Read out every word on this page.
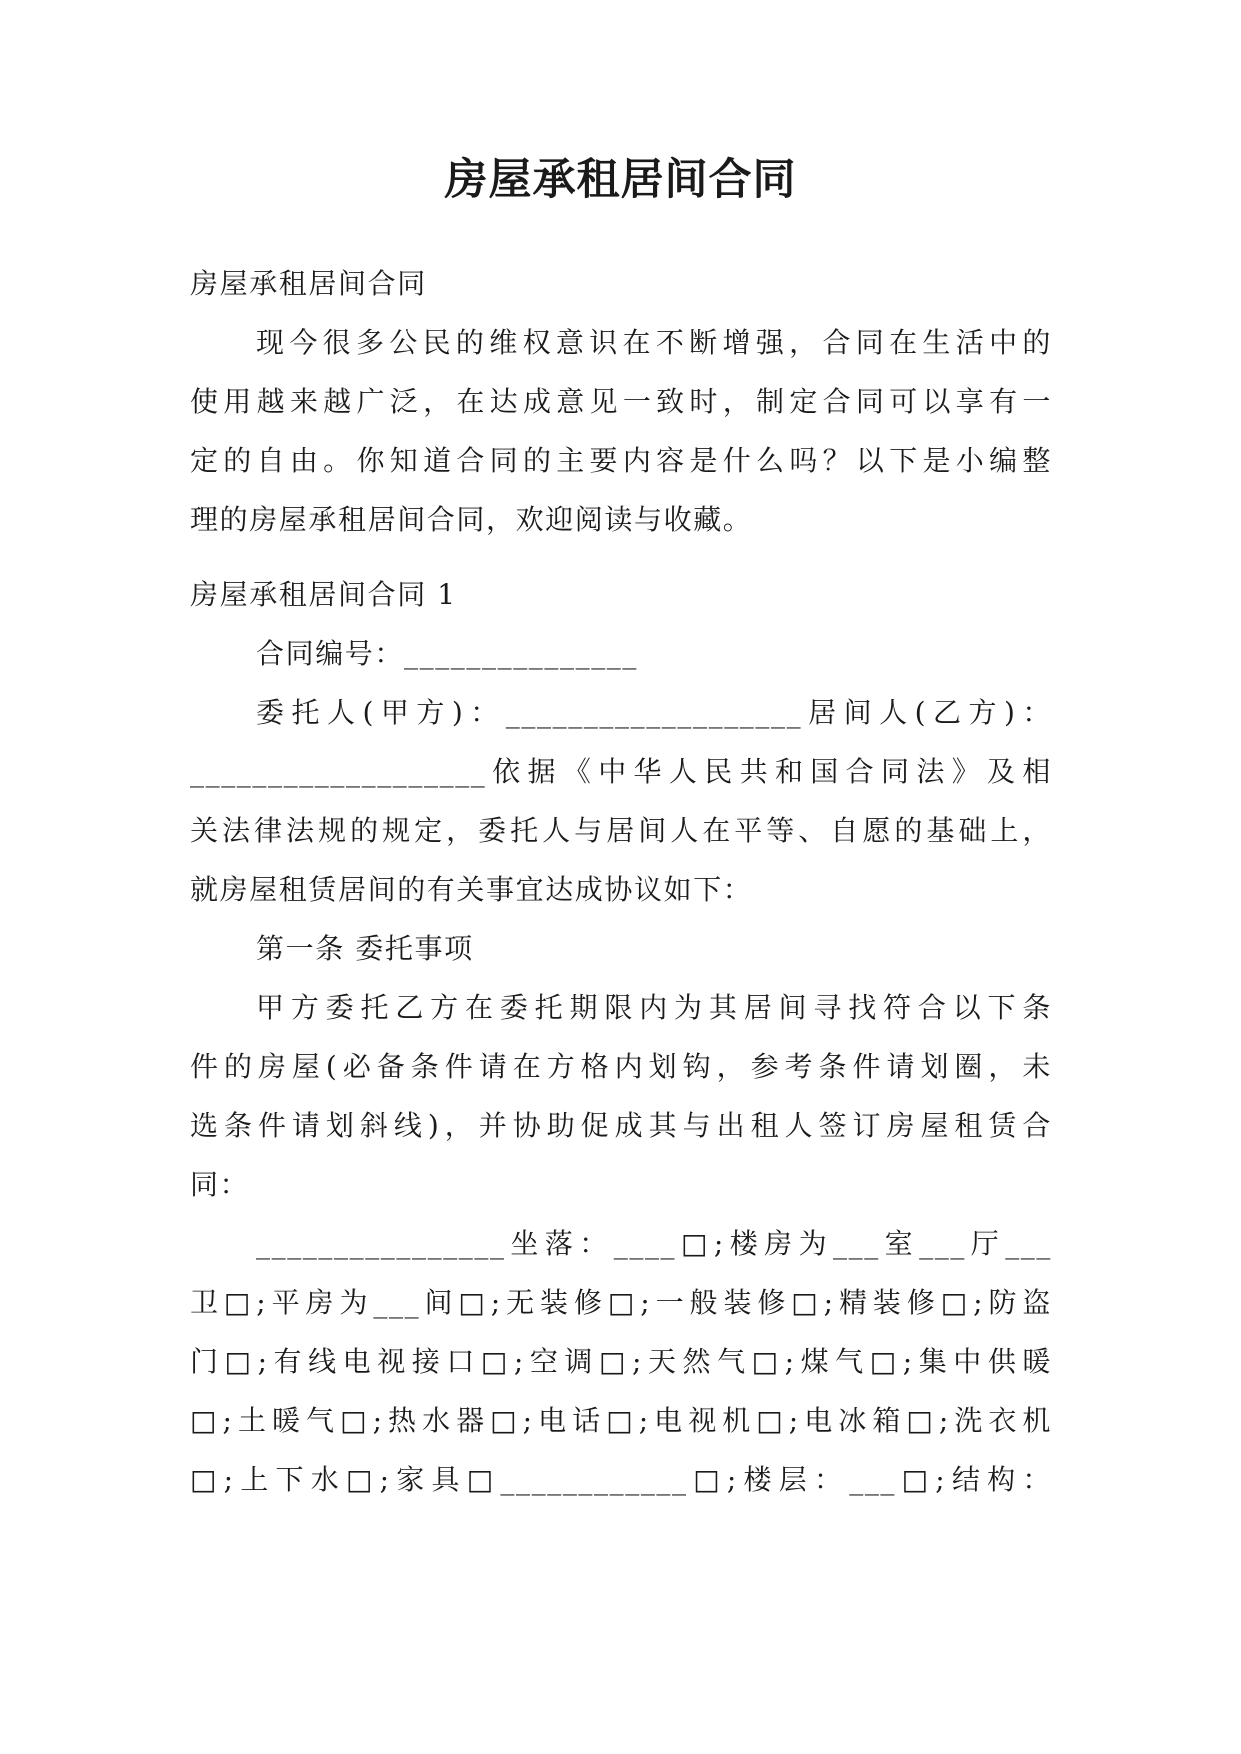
房屋承租居间合同
房屋承租居间合同
现今很多公民的维权意识在不断增强，合同在生活中的
使用越来越广泛，在达成意见一致时，制定合同可以享有一
定的自由。你知道合同的主要内容是什么吗？以下是小编整
理的房屋承租居间合同，欢迎阅读与收藏。
房屋承租居间合同 1
合同编号：_______________
委托人(甲方)：___________________居间人(乙方)：
___________________依据《中华人民共和国合同法》及相
关法律法规的规定，委托人与居间人在平等、自愿的基础上，
就房屋租赁居间的有关事宜达成协议如下：
第一条 委托事项
甲方委托乙方在委托期限内为其居间寻找符合以下条
件的房屋(必备条件请在方格内划钩，参考条件请划圈，未
选条件请划斜线)，并协助促成其与出租人签订房屋租赁合
同：
________________坐落：____□;楼房为___室___厅___
卫□;平房为___间□;无装修□;一般装修□;精装修□;防盗
门□;有线电视接口□;空调□;天然气□;煤气□;集中供暖
□;土暖气□;热水器□;电话□;电视机□;电冰箱□;洗衣机
□;上下水□;家具□____________□;楼层：___□;结构：
